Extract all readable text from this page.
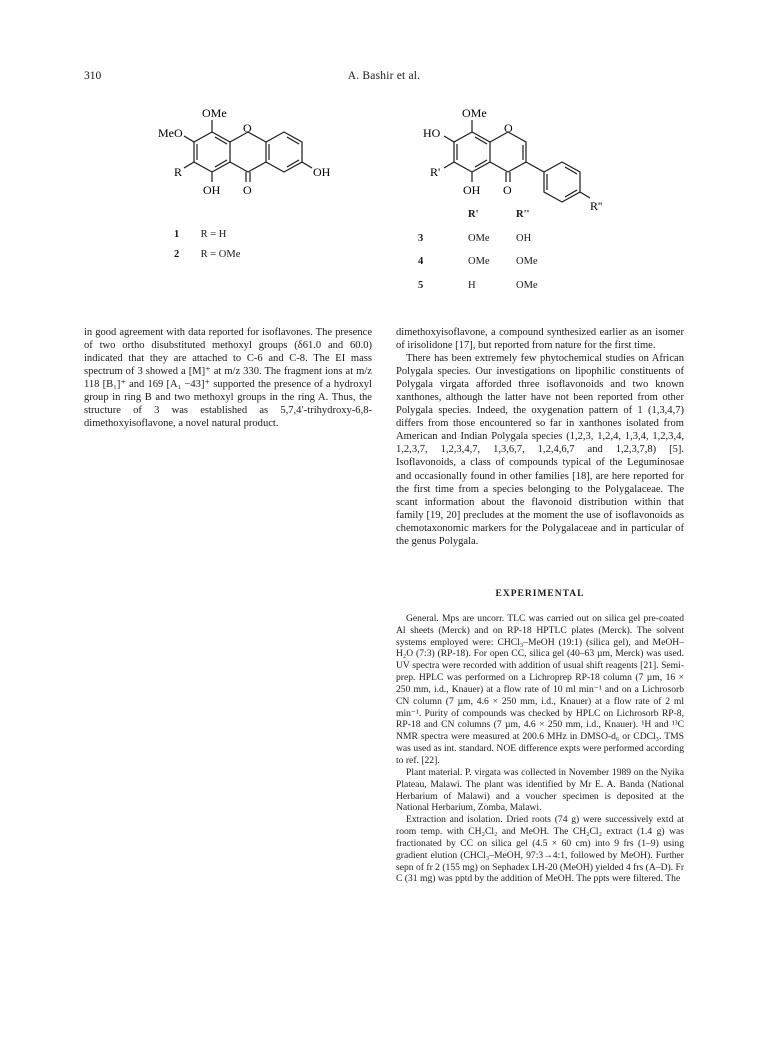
310	A. Bashir et al.
OMe
MeO	O
R
OH O
OH
1 R = H
2 R = OMe
OMe
HO	O
R'
OH O
R''
R'	R''
3	OMe	OH
4	OMe	OMe
5	H	OMe

in good agreement with data reported for isoflavones. The presence of two ortho disubstituted methoxyl groups (δ61.0 and 60.0) indicated that they are attached to C-6 and C-8. The EI mass spectrum of 3 showed a [M]⁺ at m/z 330. The fragment ions at m/z 118 [B₁]⁺ and 169 [A₁ −43]⁺ supported the presence of a hydroxyl group in ring B and two methoxyl groups in the ring A. Thus, the structure of 3 was established as 5,7,4′-trihydroxy-6,8-dimethoxyisoflavone, a novel natural product.

dimethoxyisoflavone, a compound synthesized earlier as an isomer of irisolidone [17], but reported from nature for the first time.

There has been extremely few phytochemical studies on African Polygala species. Our investigations on lipophilic constituents of Polygala virgata afforded three isoflavonoids and two known xanthones, although the latter have not been reported from other Polygala species. Indeed, the oxygenation pattern of 1 (1,3,4,7) differs from those encountered so far in xanthones isolated from American and Indian Polygala species (1,2,3, 1,2,4, 1,3,4, 1,2,3,4, 1,2,3,7, 1,2,3,4,7, 1,3,6,7, 1,2,4,6,7 and 1,2,3,7,8) [5]. Isoflavonoids, a class of compounds typical of the Leguminosae and occasionally found in other families [18], are here reported for the first time from a species belonging to the Polygalaceae. The scant information about the flavonoid distribution within that family [19, 20] precludes at the moment the use of isoflavonoids as chemotaxonomic markers for the Polygalaceae and in particular of the genus Polygala.

EXPERIMENTAL

General. Mps are uncorr. TLC was carried out on silica gel pre-coated Al sheets (Merck) and on RP-18 HPTLC plates (Merck). The solvent systems employed were: CHCl₃–MeOH (19:1) (silica gel), and MeOH–H₂O (7:3) (RP-18). For open CC, silica gel (40–63 µm, Merck) was used. UV spectra were recorded with addition of usual shift reagents [21]. Semi-prep. HPLC was performed on a Lichroprep RP-18 column (7 µm, 16 × 250 mm, i.d., Knauer) at a flow rate of 10 ml min⁻¹ and on a Lichrosorb CN column (7 µm, 4.6 × 250 mm, i.d., Knauer) at a flow rate of 2 ml min⁻¹. Purity of compounds was checked by HPLC on Lichrosorb RP-8, RP-18 and CN columns (7 µm, 4.6 × 250 mm, i.d., Knauer). ¹H and ¹³C NMR spectra were measured at 200.6 MHz in DMSO-d₆ or CDCl₃. TMS was used as int. standard. NOE difference expts were performed according to ref. [22].

Plant material. P. virgata was collected in November 1989 on the Nyika Plateau, Malawi. The plant was identified by Mr E. A. Banda (National Herbarium of Malawi) and a voucher specimen is deposited at the National Herbarium, Zomba, Malawi.

Extraction and isolation. Dried roots (74 g) were successively extd at room temp. with CH₂Cl₂ and MeOH. The CH₂Cl₂ extract (1.4 g) was fractionated by CC on silica gel (4.5 × 60 cm) into 9 frs (1–9) using gradient elution (CHCl₃–MeOH, 97:3→4:1, followed by MeOH). Further sepn of fr 2 (155 mg) on Sephadex LH-20 (MeOH) yielded 4 frs (A–D). Fr C (31 mg) was pptd by the addition of MeOH. The ppts were filtered. The
